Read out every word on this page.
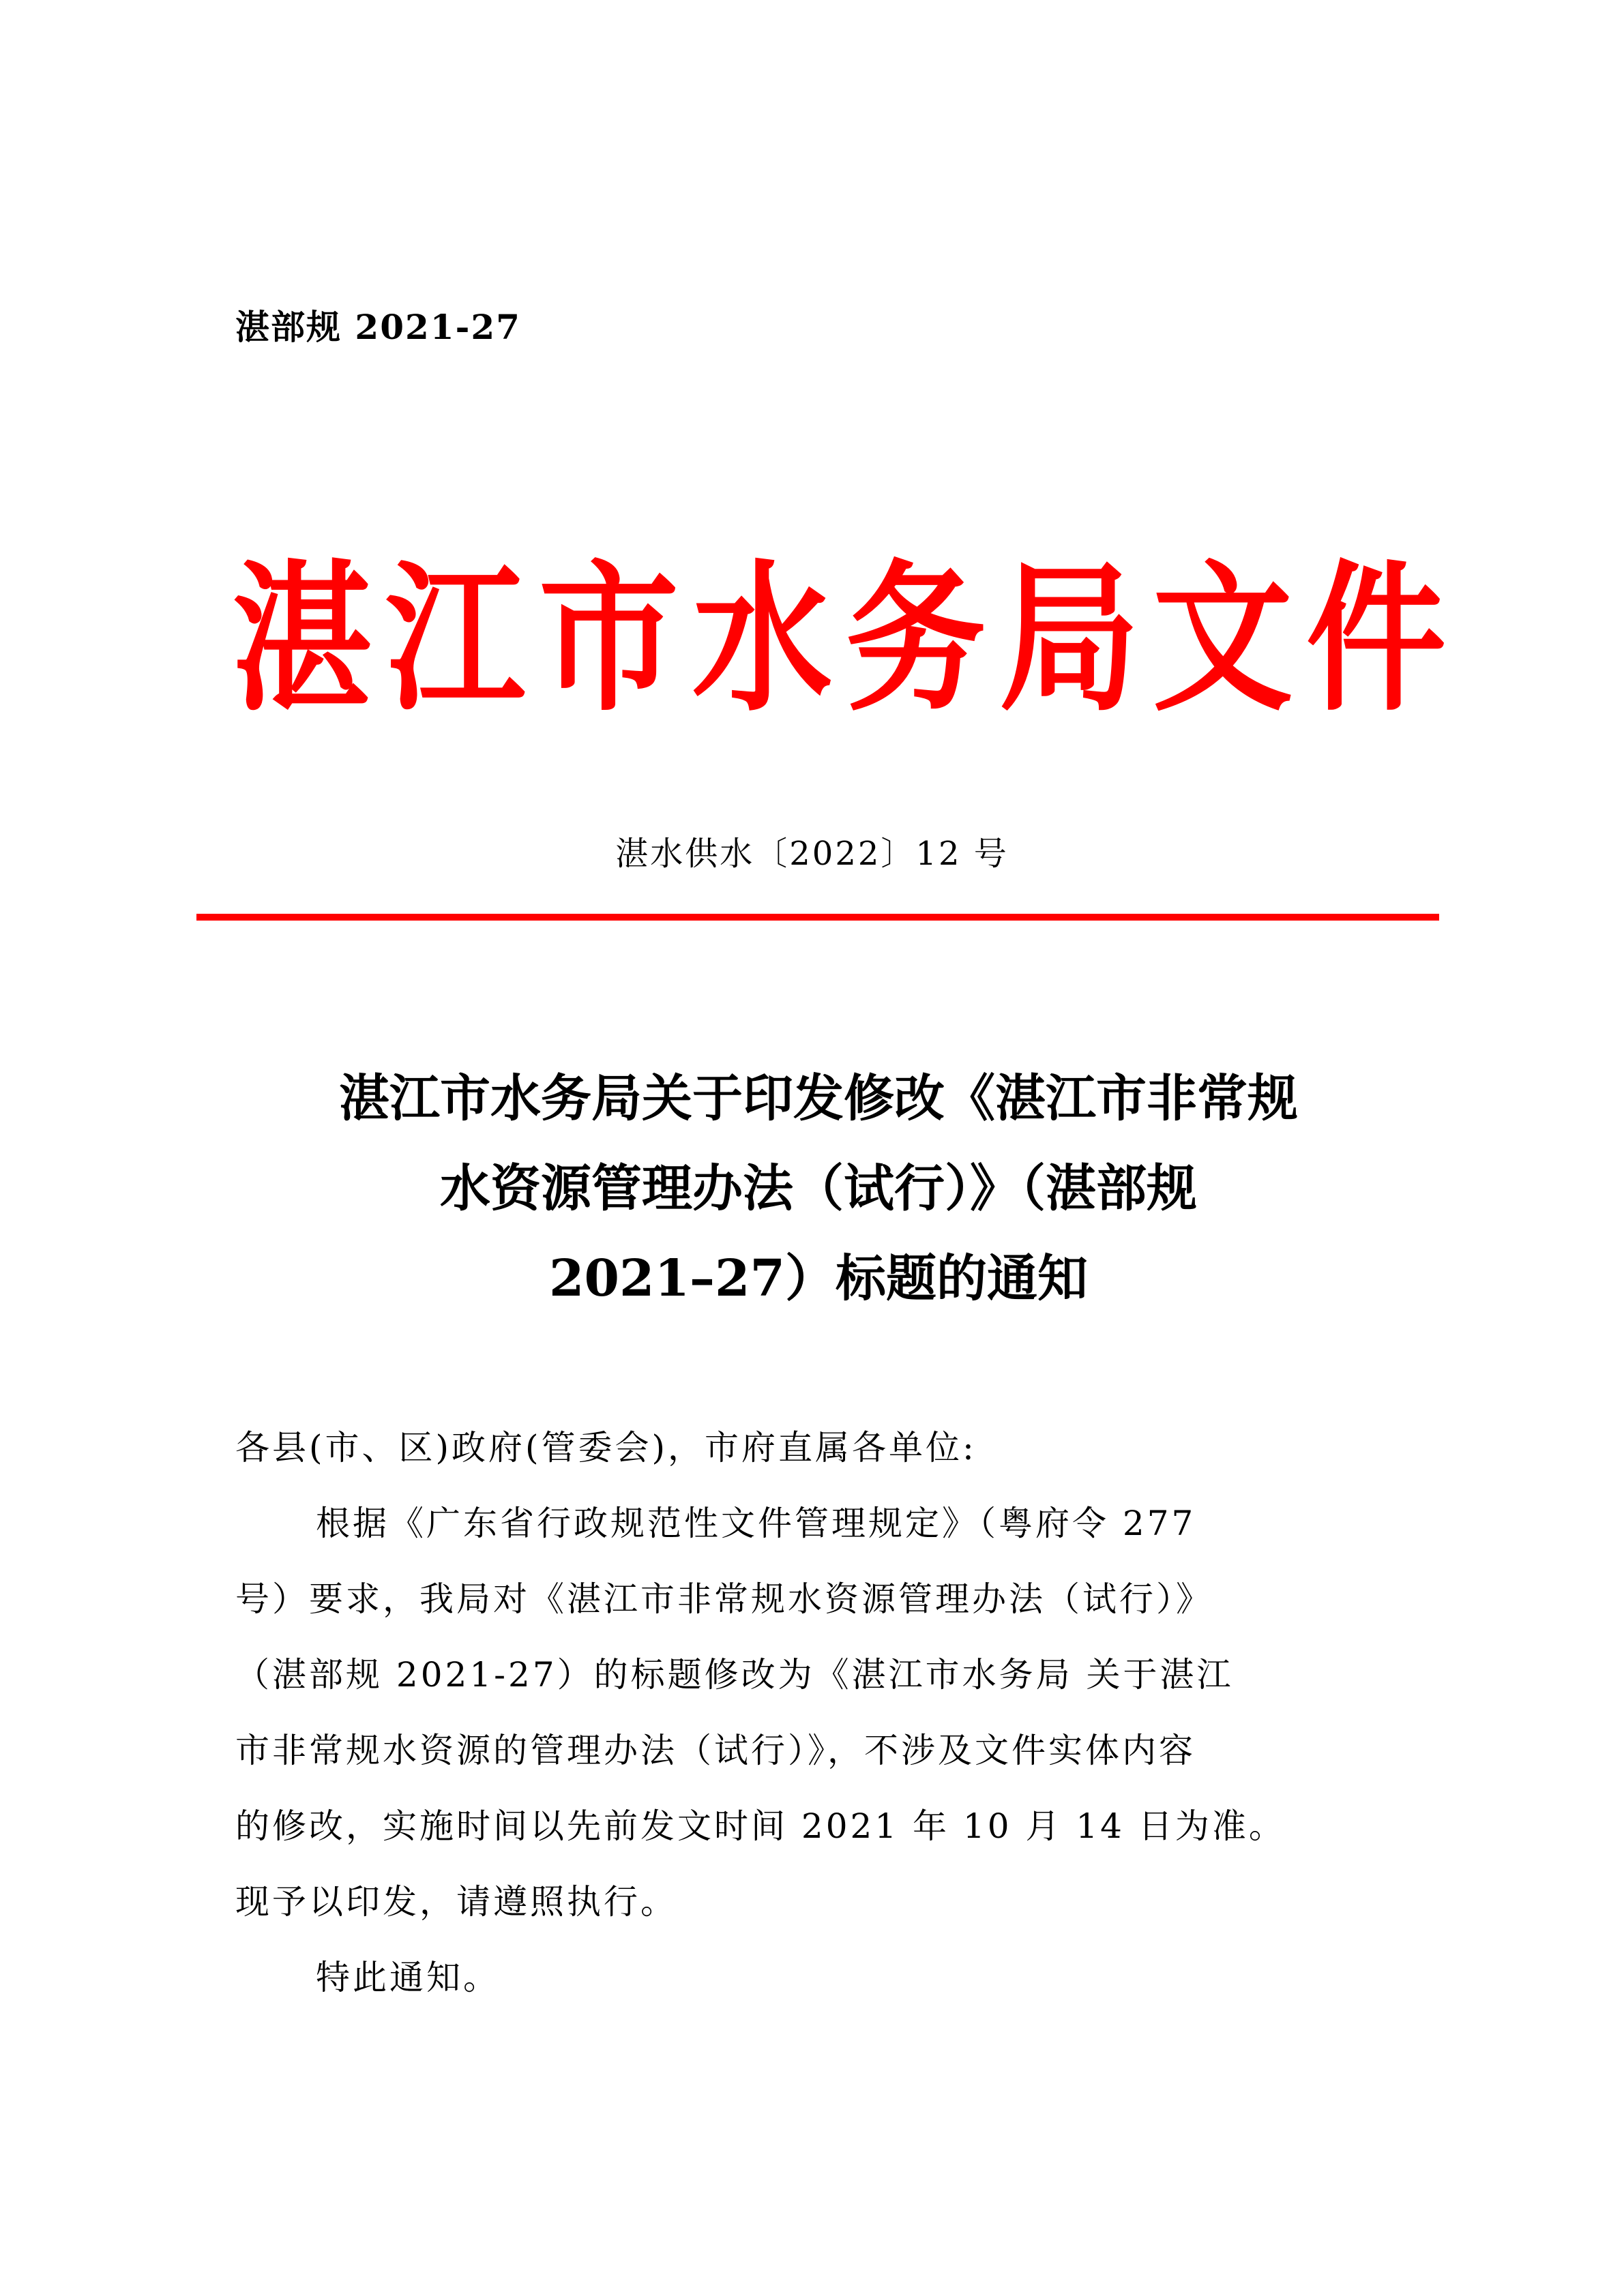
湛部规 2021-27
湛江市水务局文件
湛水供水〔2022〕12 号
湛江市水务局关于印发修改《湛江市非常规
水资源管理办法（试行）》（湛部规
2021–27）标题的通知
各县(市、区)政府(管委会)，市府直属各单位:
根据《广东省行政规范性文件管理规定》（粤府令 277
号）要求，我局对《湛江市非常规水资源管理办法（试行）》
（湛部规 2021-27）的标题修改为《湛江市水务局 关于湛江
市非常规水资源的管理办法（试行）》，不涉及文件实体内容
的修改，实施时间以先前发文时间 2021 年 10 月 14 日为准。
现予以印发，请遵照执行。
特此通知。
